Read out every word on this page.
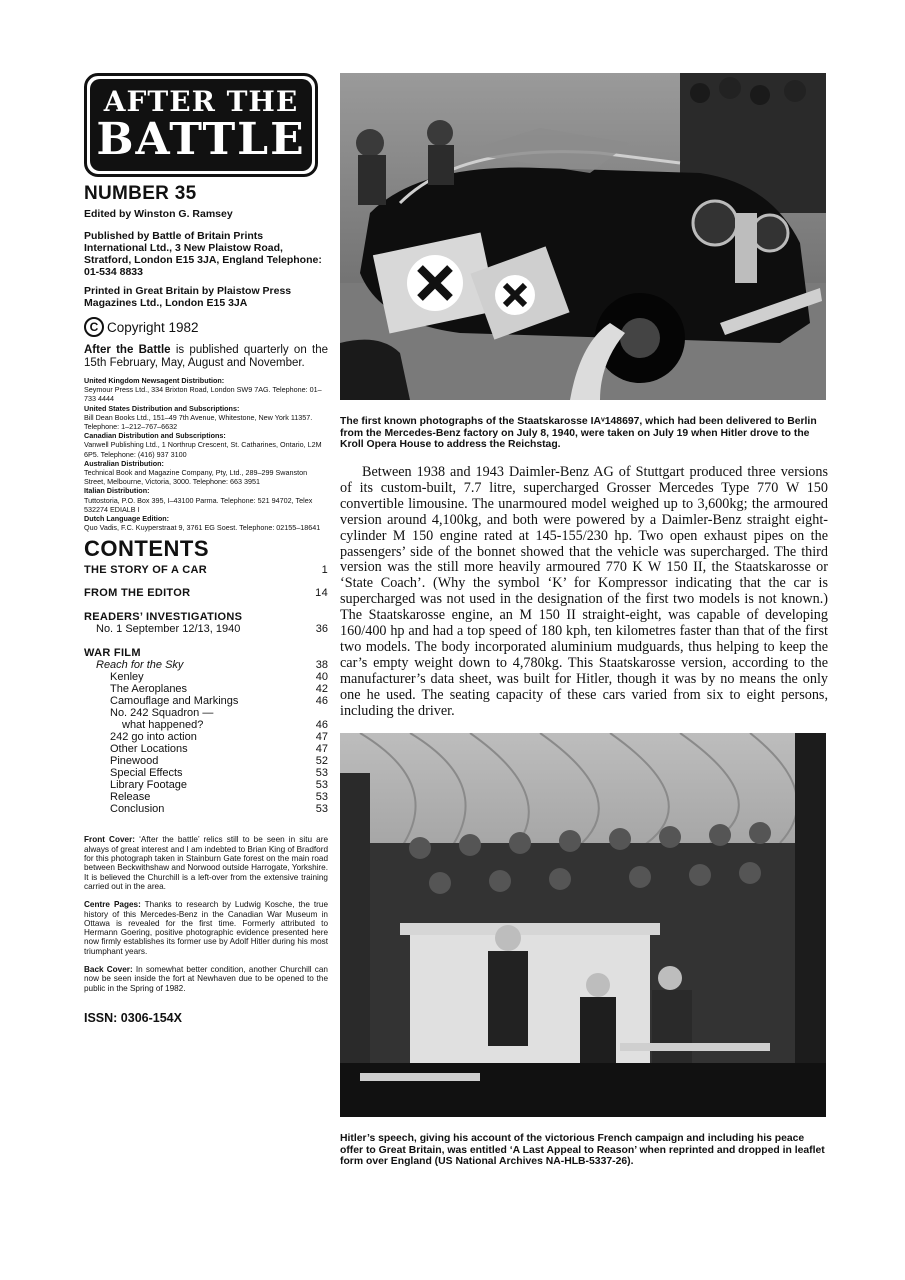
AFTER THE
BATTLE
NUMBER 35
Edited by Winston G. Ramsey
Published by Battle of Britain Prints International Ltd., 3 New Plaistow Road, Stratford, London E15 3JA, England Telephone: 01-534 8833
Printed in Great Britain by Plaistow Press Magazines Ltd., London E15 3JA
C Copyright 1982
After the Battle is published quarterly on the 15th February, May, August and November.
United Kingdom Newsagent Distribution:
Seymour Press Ltd., 334 Brixton Road, London SW9 7AG. Telephone: 01–733 4444
United States Distribution and Subscriptions:
Bill Dean Books Ltd., 151–49 7th Avenue, Whitestone, New York 11357. Telephone: 1–212–767–6632
Canadian Distribution and Subscriptions:
Vanwell Publishing Ltd., 1 Northrup Crescent, St. Catharines, Ontario, L2M 6P5. Telephone: (416) 937 3100
Australian Distribution:
Technical Book and Magazine Company, Pty, Ltd., 289–299 Swanston Street, Melbourne, Victoria, 3000. Telephone: 663 3951
Italian Distribution:
Tuttostoria, P.O. Box 395, I–43100 Parma. Telephone: 521 94702, Telex 532274 EDIALB I
Dutch Language Edition:
Quo Vadis, F.C. Kuyperstraat 9, 3761 EG Soest. Telephone: 02155–18641
CONTENTS
THE STORY OF A CAR	1
FROM THE EDITOR	14
READERS’ INVESTIGATIONS
No. 1 September 12/13, 1940	36
WAR FILM
Reach for the Sky	38
Kenley	40
The Aeroplanes	42
Camouflage and Markings	46
No. 242 Squadron —
what happened?	46
242 go into action	47
Other Locations	47
Pinewood	52
Special Effects	53
Library Footage	53
Release	53
Conclusion	53
Front Cover: ‘After the battle’ relics still to be seen in situ are always of great interest and I am indebted to Brian King of Bradford for this photograph taken in Stainburn Gate forest on the main road between Beckwithshaw and Norwood outside Harrogate, Yorkshire. It is believed the Churchill is a left-over from the extensive training carried out in the area.
Centre Pages: Thanks to research by Ludwig Kosche, the true history of this Mercedes-Benz in the Canadian War Museum in Ottawa is revealed for the first time. Formerly attributed to Hermann Goering, positive photographic evidence presented here now firmly establishes its former use by Adolf Hitler during his most triumphant years.
Back Cover: In somewhat better condition, another Churchill can now be seen inside the fort at Newhaven due to be opened to the public in the Spring of 1982.
ISSN: 0306-154X
The first known photographs of the Staatskarosse IAᵛ148697, which had been delivered to Berlin from the Mercedes-Benz factory on July 8, 1940, were taken on July 19 when Hitler drove to the Kroll Opera House to address the Reichstag.
Between 1938 and 1943 Daimler-Benz AG of Stuttgart produced three versions of its custom-built, 7.7 litre, supercharged Grosser Mercedes Type 770 W 150 convertible limousine. The unarmoured model weighed up to 3,600kg; the armoured version around 4,100kg, and both were powered by a Daimler-Benz straight eight-cylinder M 150 engine rated at 145-155/230 hp. Two open exhaust pipes on the passengers’ side of the bonnet showed that the vehicle was supercharged. The third version was the still more heavily armoured 770 K W 150 II, the Staatskarosse or ‘State Coach’. (Why the symbol ‘K’ for Kompressor indicating that the car is supercharged was not used in the designation of the first two models is not known.) The Staatskarosse engine, an M 150 II straight-eight, was capable of developing 160/400 hp and had a top speed of 180 kph, ten kilometres faster than that of the first two models. The body incorporated aluminium mudguards, thus helping to keep the car’s empty weight down to 4,780kg. This Staatskarosse version, according to the manufacturer’s data sheet, was built for Hitler, though it was by no means the only one he used. The seating capacity of these cars varied from six to eight persons, including the driver.
Hitler’s speech, giving his account of the victorious French campaign and including his peace offer to Great Britain, was entitled ‘A Last Appeal to Reason’ when reprinted and dropped in leaflet form over England (US National Archives NA-HLB-5337-26).
